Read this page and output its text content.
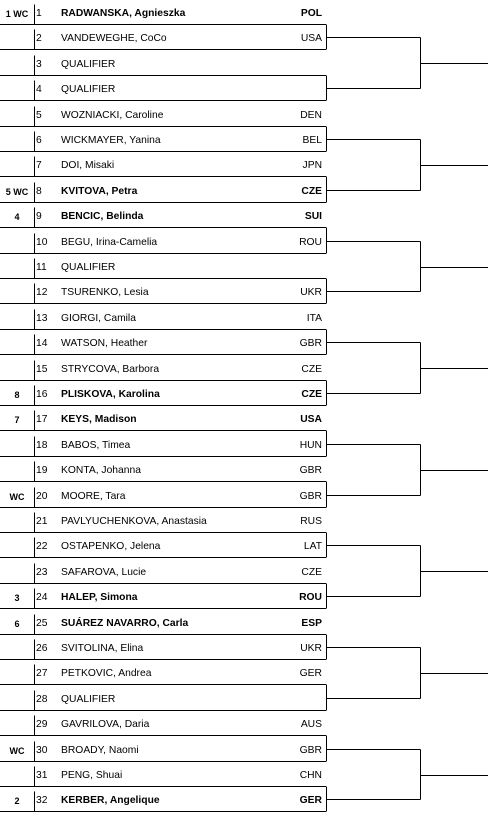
1 WC 1 RADWANSKA, Agnieszka	POL
2 VANDEWEGHE, CoCo	USA
3 QUALIFIER
4 QUALIFIER
5 WOZNIACKI, Caroline	DEN
6 WICKMAYER, Yanina	BEL
7 DOI, Misaki	JPN
5 WC 8 KVITOVA, Petra	CZE
4	9 BENCIC, Belinda	SUI
10 BEGU, Irina-Camelia	ROU
11 QUALIFIER
12 TSURENKO, Lesia	UKR
13 GIORGI, Camila	ITA
14 WATSON, Heather	GBR
15 STRYCOVA, Barbora	CZE
8	16 PLISKOVA, Karolina	CZE
7	17 KEYS, Madison	USA
18 BABOS, Timea	HUN
19 KONTA, Johanna	GBR
WC	20 MOORE, Tara	GBR
21 PAVLYUCHENKOVA, Anastasia	RUS
22 OSTAPENKO, Jelena	LAT
23 SAFAROVA, Lucie	CZE
3	24 HALEP, Simona	ROU
6	25 SUÁREZ NAVARRO, Carla	ESP
26 SVITOLINA, Elina	UKR
27 PETKOVIC, Andrea	GER
28 QUALIFIER
29 GAVRILOVA, Daria	AUS
WC	30 BROADY, Naomi	GBR
31 PENG, Shuai	CHN
2	32 KERBER, Angelique	GER
